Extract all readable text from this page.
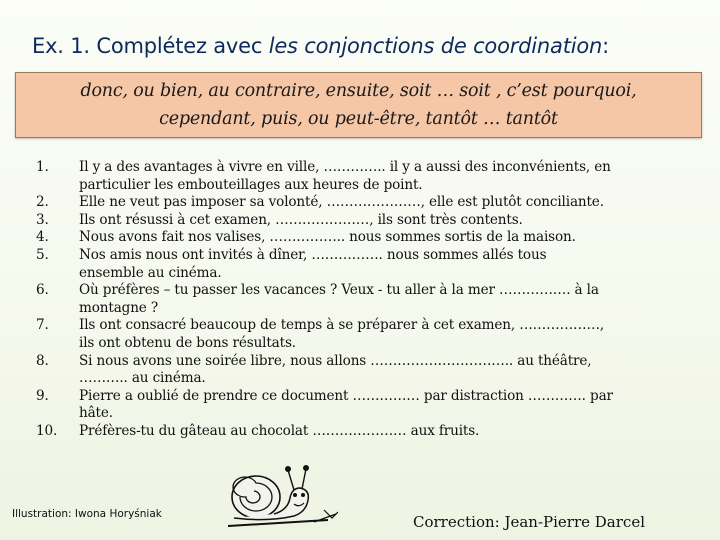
Ex. 1. Complétez avec les conjonctions de coordination:
donc, ou bien, au contraire, ensuite, soit … soit , c’est pourquoi,
cependant, puis, ou peut-être, tantôt … tantôt
1.	Il y a des avantages à vivre en ville, ………….. il y a aussi des inconvénients, en
particulier les embouteillages aux heures de point.
2.	Elle ne veut pas imposer sa volonté, …………………, elle est plutôt conciliante.
3.	Ils ont résussi à cet examen, …………………, ils sont très contents.
4.	Nous avons fait nos valises, …………….. nous sommes sortis de la maison.
5.	Nos amis nous ont invités à dîner, ……………. nous sommes allés tous
ensemble au cinéma.
6.	Où préfères – tu passer les vacances ? Veux - tu aller à la mer ……………. à la
montagne ?
7.	Ils ont consacré beaucoup de temps à se préparer à cet examen, ………………,
ils ont obtenu de bons résultats.
8.	Si nous avons une soirée libre, nous allons ………………………….. au théâtre,
……….. au cinéma.
9.	Pierre a oublié de prendre ce document …………… par distraction …………. par
hâte.
10.	Préfères-tu du gâteau au chocolat ………………… aux fruits.
Illustration: Iwona Horyśniak	Correction: Jean-Pierre Darcel
